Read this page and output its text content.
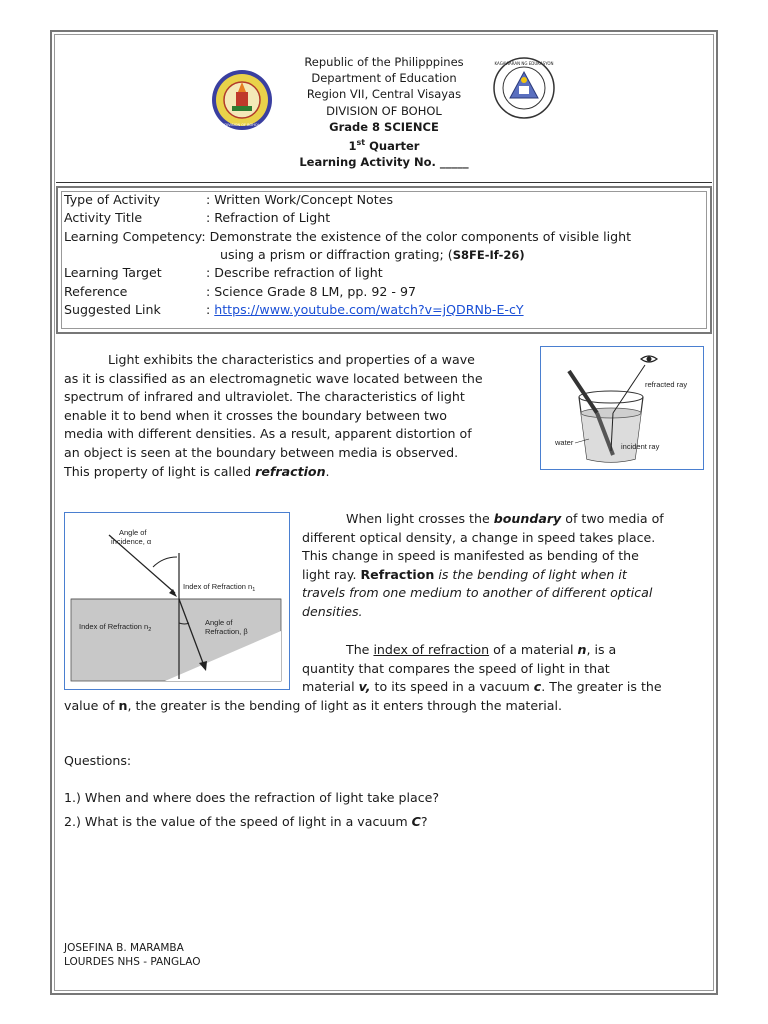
Republic of the Philipppines
Department of Education
Region VII, Central Visayas
DIVISION OF BOHOL
Grade 8 SCIENCE
1st Quarter
Learning Activity No. _____
DIVISION OF BOHOL
KAGAWARAN NG EDUKASYON
Type of Activity	: Written Work/Concept Notes
Activity Title	: Refraction of Light
Learning Competency: Demonstrate the existence of the color components of visible light
using a prism or diffraction grating; (S8FE-If-26)
Learning Target	: Describe refraction of light
Reference	: Science Grade 8 LM, pp. 92 - 97
Suggested Link	: https://www.youtube.com/watch?v=jQDRNb-E-cY
Light exhibits the characteristics and properties of a wave
as it is classified as an electromagnetic wave located between the
spectrum of infrared and ultraviolet. The characteristics of light
enable it to bend when it crosses the boundary between two
media with different densities. As a result, apparent distortion of
an object is seen at the boundary between media is observed.
This property of light is called refraction.
refracted ray
water	incident ray
Angle of
incidence, α
Index of Refraction $n_1$
Index of Refraction $n_2$
Angle of
Refraction, β
When light crosses the boundary of two media of
different optical density, a change in speed takes place.
This change in speed is manifested as bending of the
light ray. Refraction is the bending of light when it
travels from one medium to another of different optical
densities.
The index of refraction of a material n, is a
quantity that compares the speed of light in that
material v, to its speed in a vacuum c. The greater is the
value of n, the greater is the bending of light as it enters through the material.
Questions:
1.) When and where does the refraction of light take place?
2.) What is the value of the speed of light in a vacuum C?
JOSEFINA B. MARAMBA
LOURDES NHS - PANGLAO
